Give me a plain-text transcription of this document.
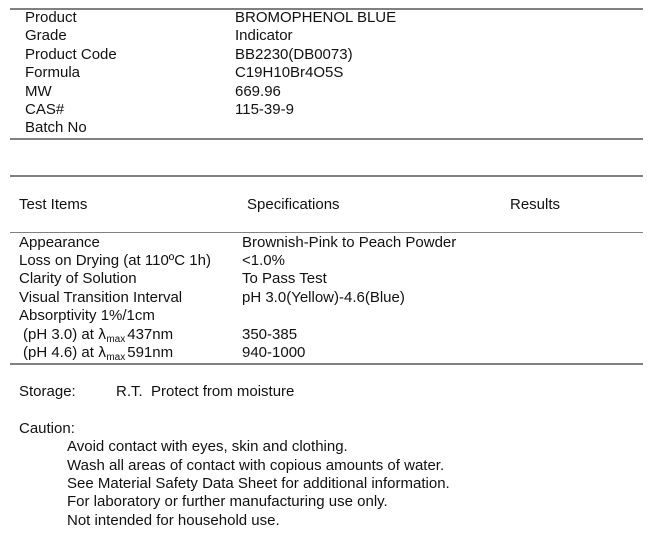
Product	BROMOPHENOL BLUE
Grade	Indicator
Product Code	BB2230(DB0073)
Formula	C19H10Br4O5S
MW	669.96
CAS#	115-39-9
Batch No
Test Items	Specifications	Results
Appearance	Brownish-Pink to Peach Powder
Loss on Drying (at 110ºC 1h) <1.0%
Clarity of Solution	To Pass Test
Visual Transition Interval	pH 3.0(Yellow)-4.6(Blue)
Absorptivity 1%/1cm
(pH 3.0) at $\lambda_{max}$ 437nm	350-385
(pH 4.6) at $\lambda_{max}$ 591nm	940-1000
Storage:	R.T.  Protect from moisture
Caution:
Avoid contact with eyes, skin and clothing.
Wash all areas of contact with copious amounts of water.
See Material Safety Data Sheet for additional information.
For laboratory or further manufacturing use only.
Not intended for household use.
